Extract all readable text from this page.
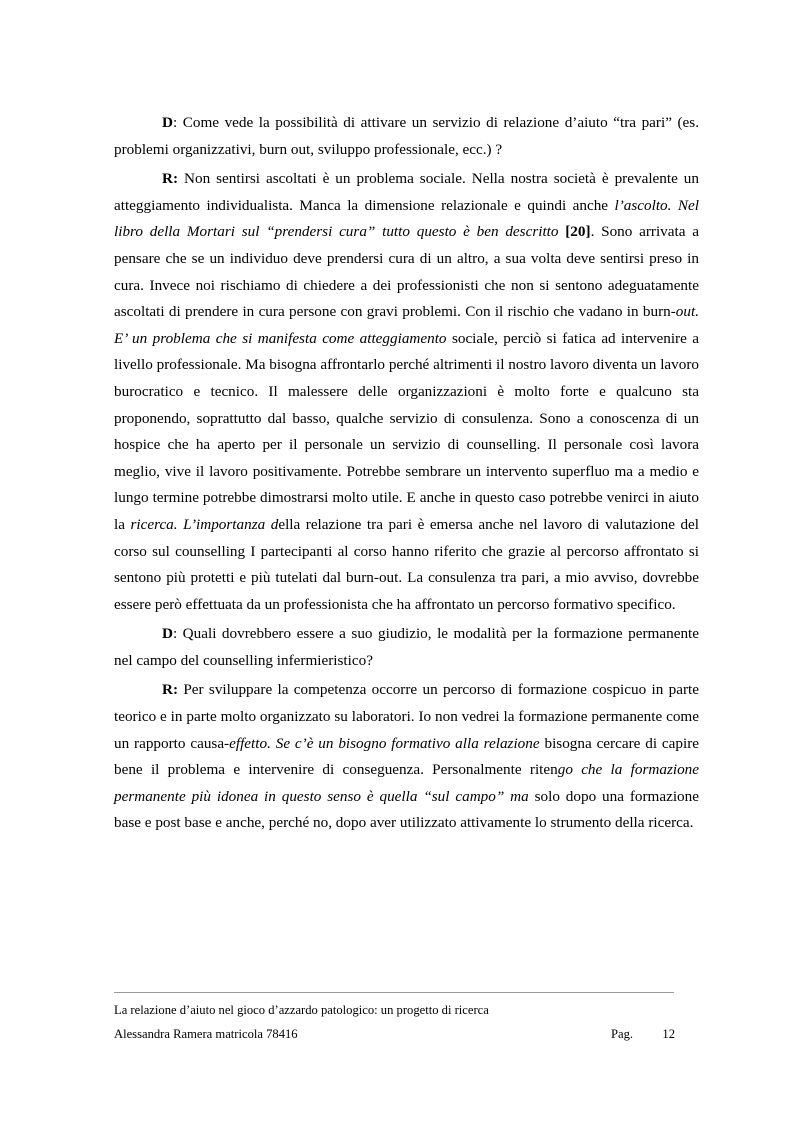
D: Come vede la possibilità di attivare un servizio di relazione d’aiuto “tra pari” (es. problemi organizzativi, burn out, sviluppo professionale, ecc.) ?

R: Non sentirsi ascoltati è un problema sociale. Nella nostra società è prevalente un atteggiamento individualista. Manca la dimensione relazionale e quindi anche l’ascolto. Nel libro della Mortari sul “prendersi cura” tutto questo è ben descritto [20]. Sono arrivata a pensare che se un individuo deve prendersi cura di un altro, a sua volta deve sentirsi preso in cura. Invece noi rischiamo di chiedere a dei professionisti che non si sentono adeguatamente ascoltati di prendere in cura persone con gravi problemi. Con il rischio che vadano in burn-out. E’ un problema che si manifesta come atteggiamento sociale, perciò si fatica ad intervenire a livello professionale. Ma bisogna affrontarlo perché altrimenti il nostro lavoro diventa un lavoro burocratico e tecnico. Il malessere delle organizzazioni è molto forte e qualcuno sta proponendo, soprattutto dal basso, qualche servizio di consulenza. Sono a conoscenza di un hospice che ha aperto per il personale un servizio di counselling. Il personale così lavora meglio, vive il lavoro positivamente. Potrebbe sembrare un intervento superfluo ma a medio e lungo termine potrebbe dimostrarsi molto utile. E anche in questo caso potrebbe venirci in aiuto la ricerca. L’importanza della relazione tra pari è emersa anche nel lavoro di valutazione del corso sul counselling I partecipanti al corso hanno riferito che grazie al percorso affrontato si sentono più protetti e più tutelati dal burn-out. La consulenza tra pari, a mio avviso, dovrebbe essere però effettuata da un professionista che ha affrontato un percorso formativo specifico.

D: Quali dovrebbero essere a suo giudizio, le modalità per la formazione permanente nel campo del counselling infermieristico?

R: Per sviluppare la competenza occorre un percorso di formazione cospicuo in parte teorico e in parte molto organizzato su laboratori. Io non vedrei la formazione permanente come un rapporto causa-effetto. Se c’è un bisogno formativo alla relazione bisogna cercare di capire bene il problema e intervenire di conseguenza. Personalmente ritengo che la formazione permanente più idonea in questo senso è quella “sul campo” ma solo dopo una formazione base e post base e anche, perché no, dopo aver utilizzato attivamente lo strumento della ricerca.

La relazione d’aiuto nel gioco d’azzardo patologico: un progetto di ricerca
Alessandra Ramera matricola 78416	Pag. 12
